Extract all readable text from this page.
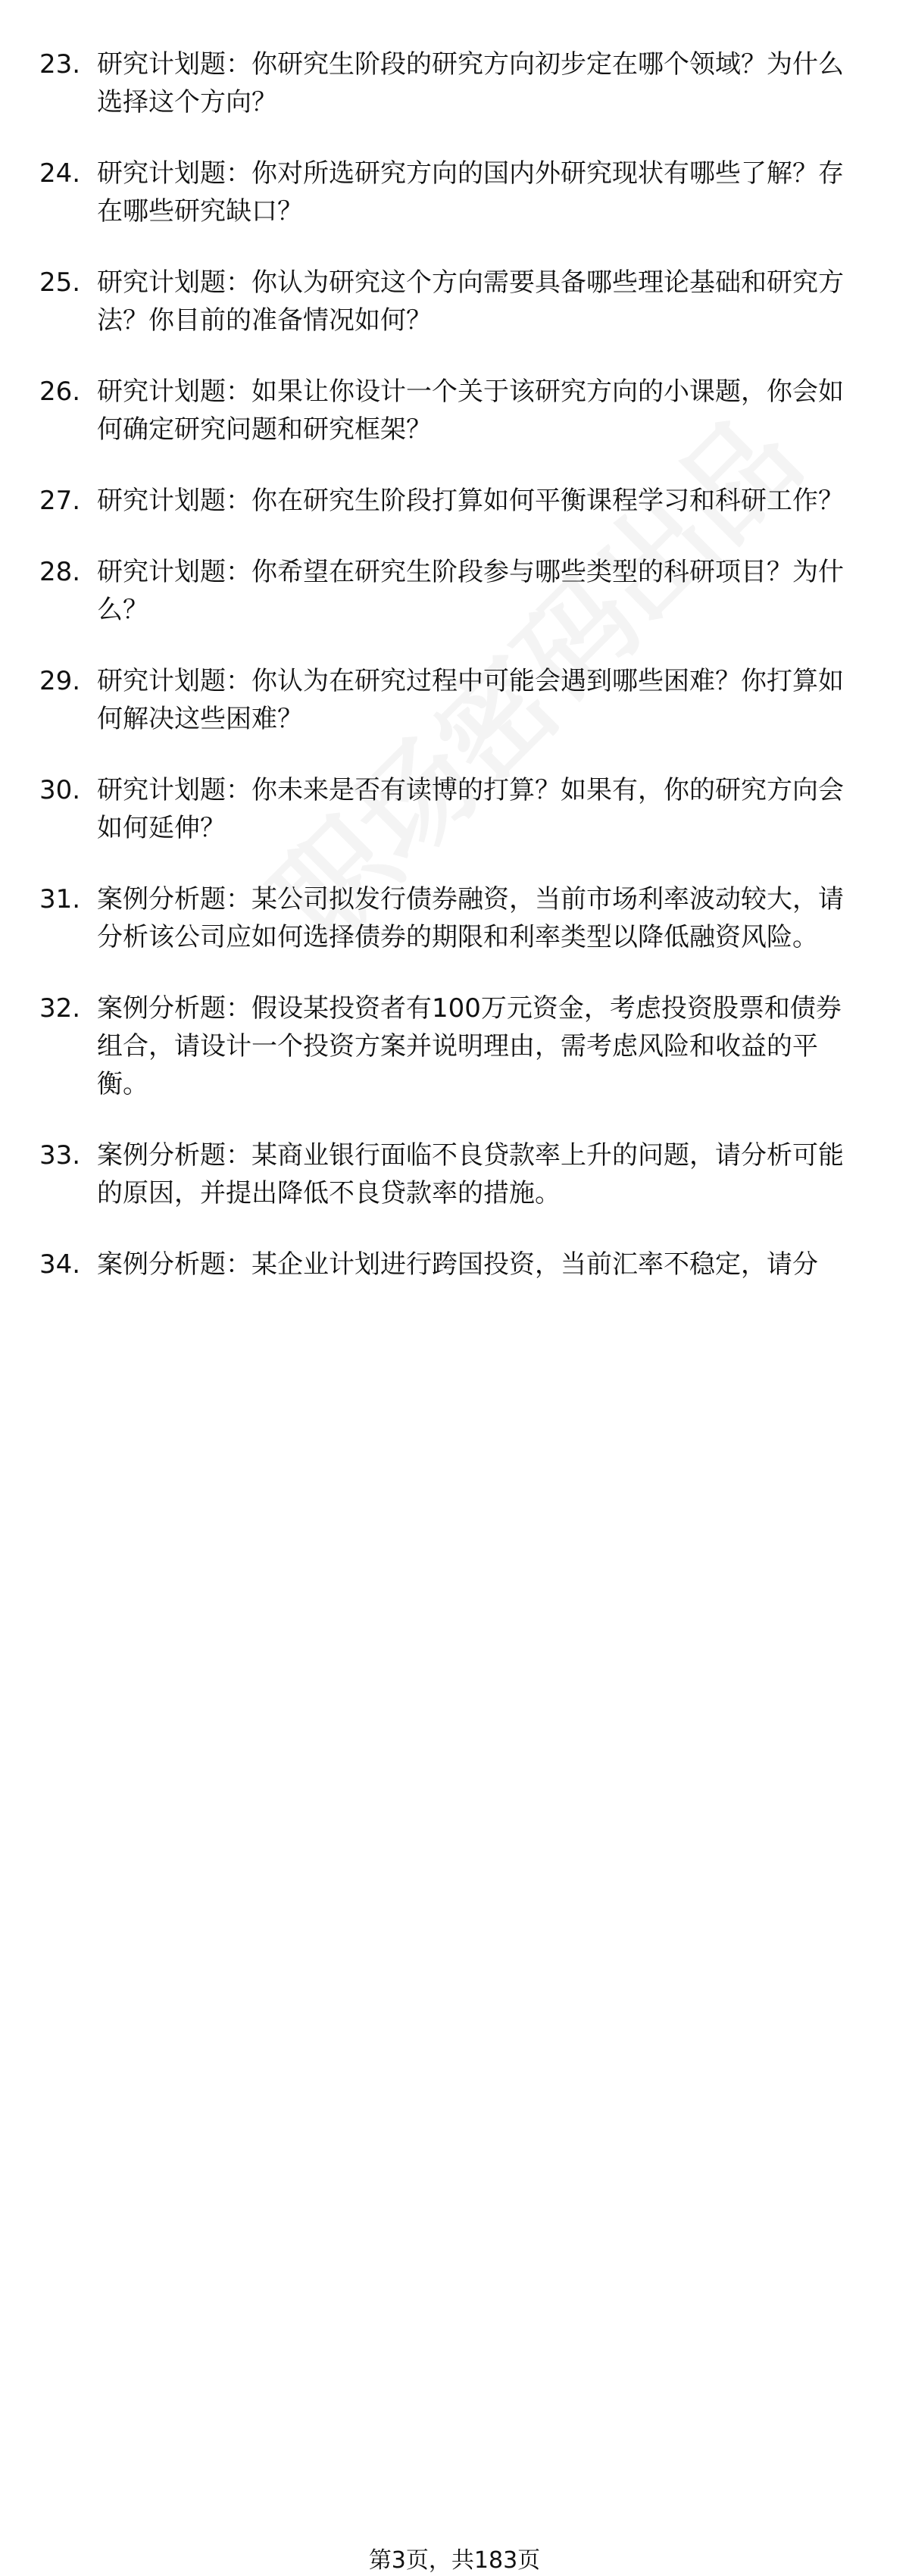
23. 研究计划题：你研究生阶段的研究方向初步定在哪个领域？为什么选择这个方向？
24. 研究计划题：你对所选研究方向的国内外研究现状有哪些了解？存在哪些研究缺口？
25. 研究计划题：你认为研究这个方向需要具备哪些理论基础和研究方法？你目前的准备情况如何？
26. 研究计划题：如果让你设计一个关于该研究方向的小课题，你会如何确定研究问题和研究框架？
27. 研究计划题：你在研究生阶段打算如何平衡课程学习和科研工作？
28. 研究计划题：你希望在研究生阶段参与哪些类型的科研项目？为什么？
29. 研究计划题：你认为在研究过程中可能会遇到哪些困难？你打算如何解决这些困难？
30. 研究计划题：你未来是否有读博的打算？如果有，你的研究方向会如何延伸？
31. 案例分析题：某公司拟发行债券融资，当前市场利率波动较大，请分析该公司应如何选择债券的期限和利率类型以降低融资风险。
32. 案例分析题：假设某投资者有100万元资金，考虑投资股票和债券组合，请设计一个投资方案并说明理由，需考虑风险和收益的平衡。
33. 案例分析题：某商业银行面临不良贷款率上升的问题，请分析可能的原因，并提出降低不良贷款率的措施。
34. 案例分析题：某企业计划进行跨国投资，当前汇率不稳定，请分
第3页，共183页
